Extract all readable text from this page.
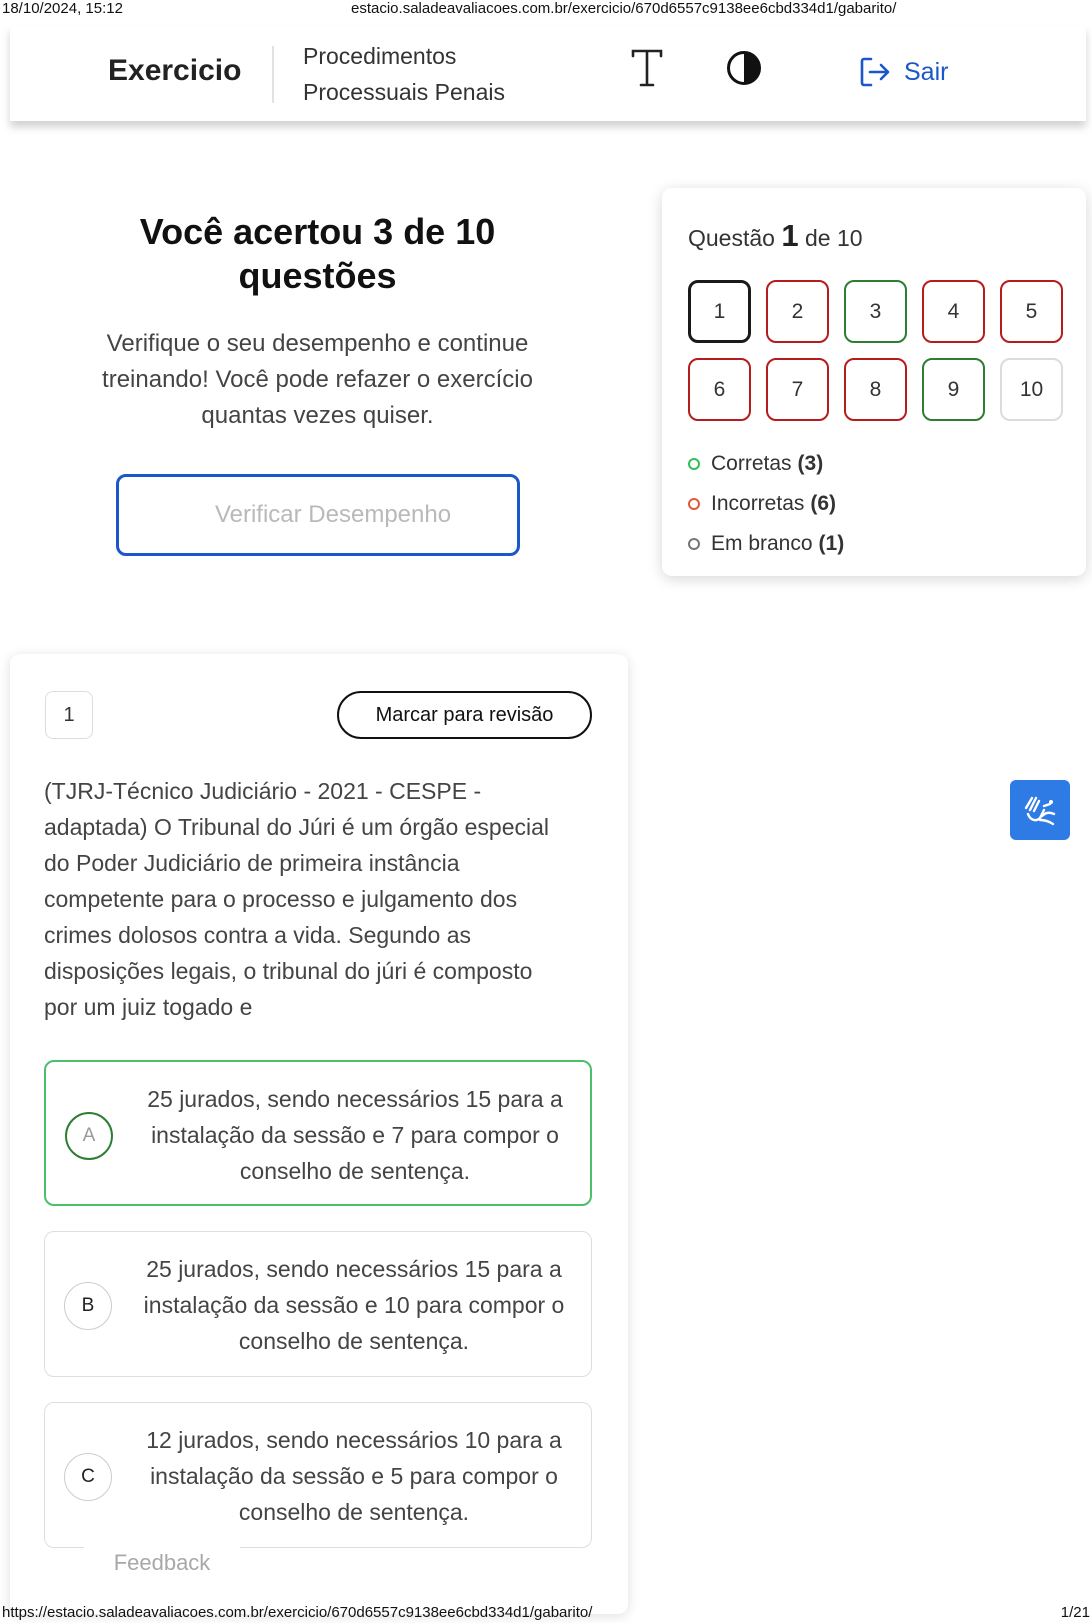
18/10/2024, 15:12	estacio.saladeavaliacoes.com.br/exercicio/670d6557c9138ee6cbd334d1/gabarito/
Exercicio	Procedimentos
Processuais Penais
Sair
Você acertou 3 de 10
questões

Verifique o seu desempenho e continue
treinando! Você pode refazer o exercício
quantas vezes quiser.

Verificar Desempenho
Questão 1 de 10
1	2	3	4	5
6	7	8	9	10
Corretas (3)
Incorretas (6)
Em branco (1)
1	Marcar para revisão
(TJRJ-Técnico Judiciário - 2021 - CESPE - adaptada) O Tribunal do Júri é um órgão especial do Poder Judiciário de primeira instância competente para o processo e julgamento dos crimes dolosos contra a vida. Segundo as disposições legais, o tribunal do júri é composto por um juiz togado e
A
25 jurados, sendo necessários 15 para a instalação da sessão e 7 para compor o conselho de sentença.
B
25 jurados, sendo necessários 15 para a instalação da sessão e 10 para compor o conselho de sentença.
C
12 jurados, sendo necessários 10 para a instalação da sessão e 5 para compor o conselho de sentença.
Feedback
https://estacio.saladeavaliacoes.com.br/exercicio/670d6557c9138ee6cbd334d1/gabarito/	1/21
